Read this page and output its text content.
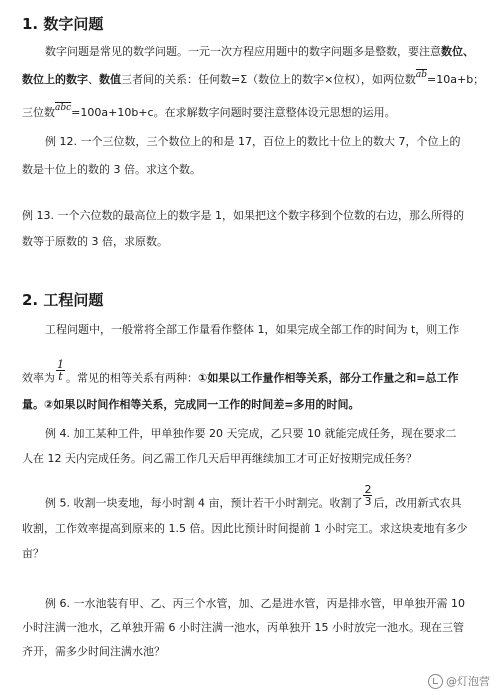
1. 数字问题
数字问题是常见的数学问题。一元一次方程应用题中的数字问题多是整数，要注意数位、
数位上的数字、数值三者间的关系：任何数=Σ（数位上的数字×位权），如两位数$^{\overline{ab}}$=10a+b；
三位数$^{\overline{abc}}$=100a+10b+c。在求解数字问题时要注意整体设元思想的运用。
例 12. 一个三位数，三个数位上的和是 17，百位上的数比十位上的数大 7，个位上的
数是十位上的数的 3 倍。求这个数。
例 13. 一个六位数的最高位上的数字是 1，如果把这个数字移到个位数的右边，那么所得的
数等于原数的 3 倍，求原数。
2. 工程问题
工程问题中，一般常将全部工作量看作整体 1，如果完成全部工作的时间为 t，则工作
效率为 $\frac{1}{t}$ 。常见的相等关系有两种：①如果以工作量作相等关系，部分工作量之和=总工作
量。②如果以时间作相等关系，完成同一工作的时间差=多用的时间。
例 4. 加工某种工件，甲单独作要 20 天完成，乙只要 10 就能完成任务，现在要求二
人在 12 天内完成任务。问乙需工作几天后甲再继续加工才可正好按期完成任务？
例 5. 收割一块麦地，每小时割 4 亩，预计若干小时割完。收割了 $\frac{2}{3}$ 后，改用新式农具
收割，工作效率提高到原来的 1.5 倍。因此比预计时间提前 1 小时完工。求这块麦地有多少
亩？
例 6. 一水池装有甲、乙、丙三个水管，加、乙是进水管，丙是排水管，甲单独开需 10
小时注满一池水，乙单独开需 6 小时注满一池水，丙单独开 15 小时放完一池水。现在三管
齐开，需多少时间注满水池？
@灯泡营
